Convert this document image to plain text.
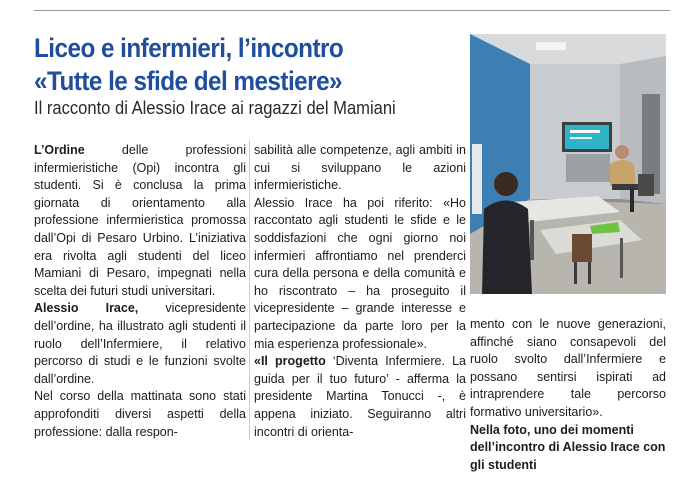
Liceo e infermieri, l’incontro
«Tutte le sfide del mestiere»
Il racconto di Alessio Irace ai ragazzi del Mamiani

L’Ordine delle professioni infermieristiche (Opi) incontra gli studenti. Si è conclusa la prima giornata di orientamento alla professione infermieristica promossa dall’Opi di Pesaro Urbino. L’iniziativa era rivolta agli studenti del liceo Mamiani di Pesaro, impegnati nella scelta dei futuri studi universitari.

Alessio Irace, vicepresidente dell’ordine, ha illustrato agli studenti il ruolo dell’Infermiere, il relativo percorso di studi e le funzioni svolte dall’ordine.

Nel corso della mattinata sono stati approfonditi diversi aspetti della professione: dalla respon-

sabilità alle competenze, agli ambiti in cui si sviluppano le azioni infermieristiche.

Alessio Irace ha poi riferito: «Ho raccontato agli studenti le sfide e le soddisfazioni che ogni giorno noi infermieri affrontiamo nel prenderci cura della persona e della comunità e ho riscontrato – ha proseguito il vicepresidente – grande interesse e partecipazione da parte loro per la mia esperienza professionale».

«Il progetto ‘Diventa Infermiere. La guida per il tuo futuro’ - afferma la presidente Martina Tonucci -, è appena iniziato. Seguiranno altri incontri di orienta-

mento con le nuove generazioni, affinché siano consapevoli del ruolo svolto dall’Infermiere e possano sentirsi ispirati ad intraprendere tale percorso formativo universitario».

Nella foto, uno dei momenti dell’incontro di Alessio Irace con gli studenti
